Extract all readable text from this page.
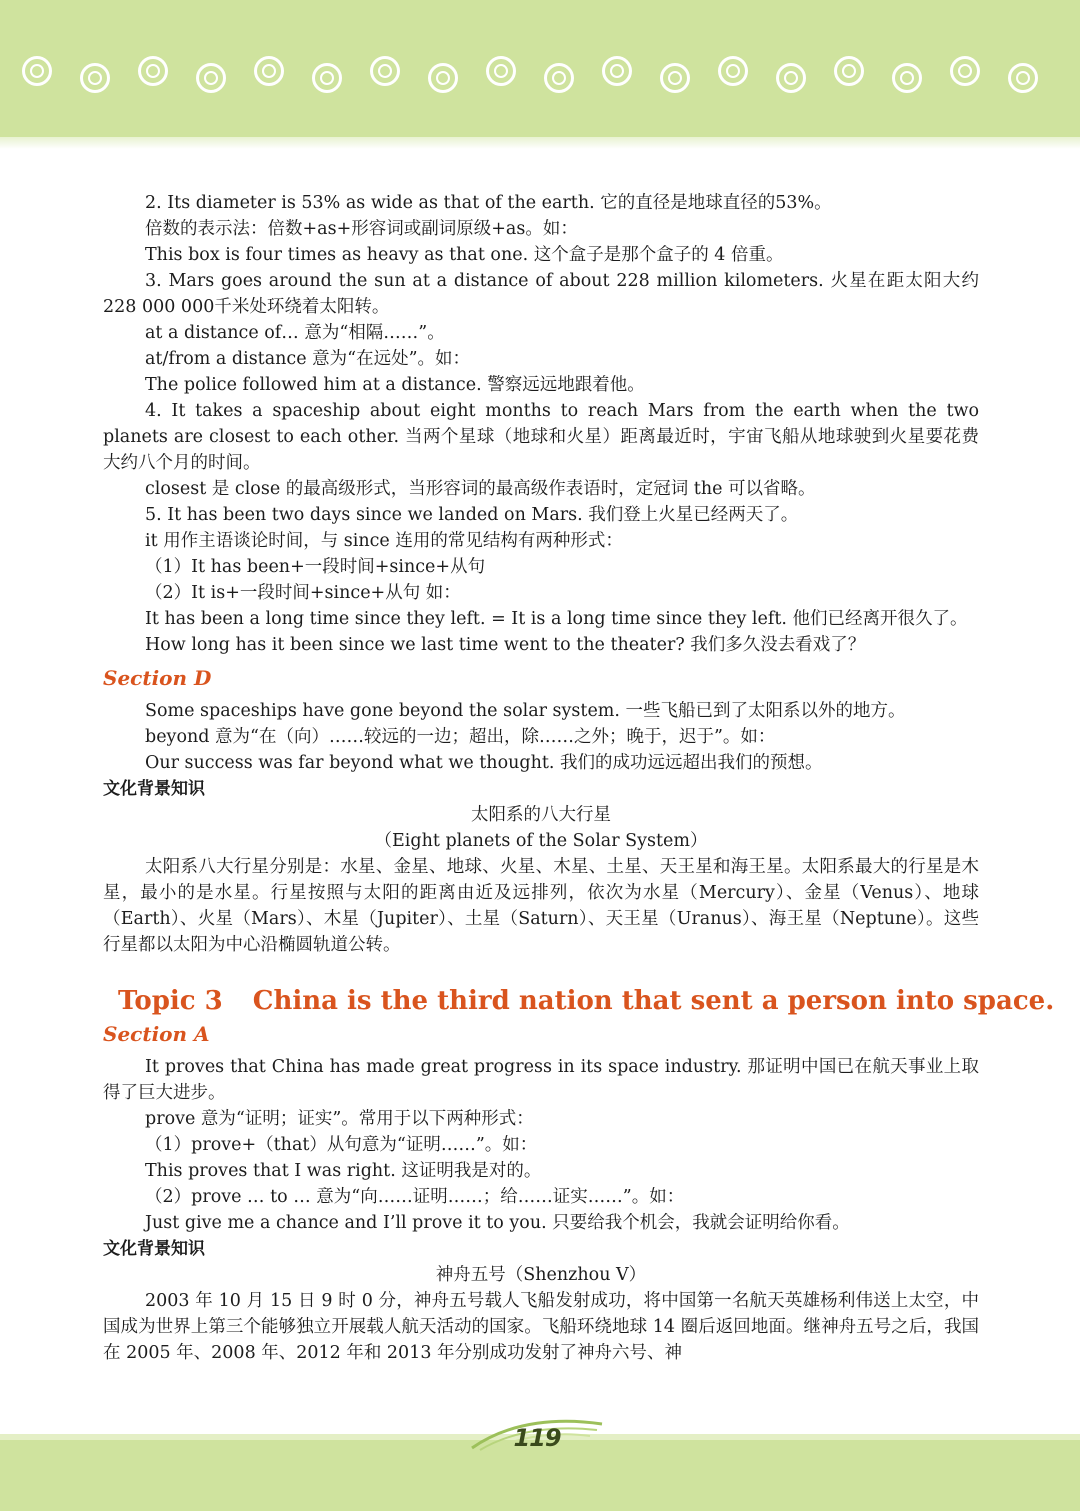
2. Its diameter is 53% as wide as that of the earth. 它的直径是地球直径的53%。

倍数的表示法：倍数+as+形容词或副词原级+as。如：

This box is four times as heavy as that one. 这个盒子是那个盒子的 4 倍重。

3. Mars goes around the sun at a distance of about 228 million kilometers. 火星在距太阳大约 228 000 000千米处环绕着太阳转。

at a distance of… 意为“相隔……”。

at/from a distance 意为“在远处”。如：

The police followed him at a distance. 警察远远地跟着他。

4. It takes a spaceship about eight months to reach Mars from the earth when the two planets are closest to each other. 当两个星球（地球和火星）距离最近时，宇宙飞船从地球驶到火星要花费大约八个月的时间。

closest 是 close 的最高级形式，当形容词的最高级作表语时，定冠词 the 可以省略。

5. It has been two days since we landed on Mars. 我们登上火星已经两天了。

it 用作主语谈论时间，与 since 连用的常见结构有两种形式：

（1）It has been+一段时间+since+从句

（2）It is+一段时间+since+从句 如：

It has been a long time since they left. = It is a long time since they left. 他们已经离开很久了。

How long has it been since we last time went to the theater? 我们多久没去看戏了？

Section D

Some spaceships have gone beyond the solar system. 一些飞船已到了太阳系以外的地方。

beyond 意为“在（向）……较远的一边；超出，除……之外；晚于，迟于”。如：

Our success was far beyond what we thought. 我们的成功远远超出我们的预想。

文化背景知识

太阳系的八大行星

（Eight planets of the Solar System）

太阳系八大行星分别是：水星、金星、地球、火星、木星、土星、天王星和海王星。太阳系最大的行星是木星，最小的是水星。行星按照与太阳的距离由近及远排列，依次为水星（Mercury）、金星（Venus）、地球（Earth）、火星（Mars）、木星（Jupiter）、土星（Saturn）、天王星（Uranus）、海王星（Neptune）。这些行星都以太阳为中心沿椭圆轨道公转。

Topic 3 China is the third nation that sent a person into space.
Section A

It proves that China has made great progress in its space industry. 那证明中国已在航天事业上取得了巨大进步。

prove 意为“证明；证实”。常用于以下两种形式：

（1）prove+（that）从句意为“证明……”。如：

This proves that I was right. 这证明我是对的。

（2）prove … to … 意为“向……证明……；给……证实……”。如：

Just give me a chance and I’ll prove it to you. 只要给我个机会，我就会证明给你看。

文化背景知识

神舟五号（Shenzhou V）

2003 年 10 月 15 日 9 时 0 分，神舟五号载人飞船发射成功，将中国第一名航天英雄杨利伟送上太空，中国成为世界上第三个能够独立开展载人航天活动的国家。飞船环绕地球 14 圈后返回地面。继神舟五号之后，我国在 2005 年、2008 年、2012 年和 2013 年分别成功发射了神舟六号、神

119
